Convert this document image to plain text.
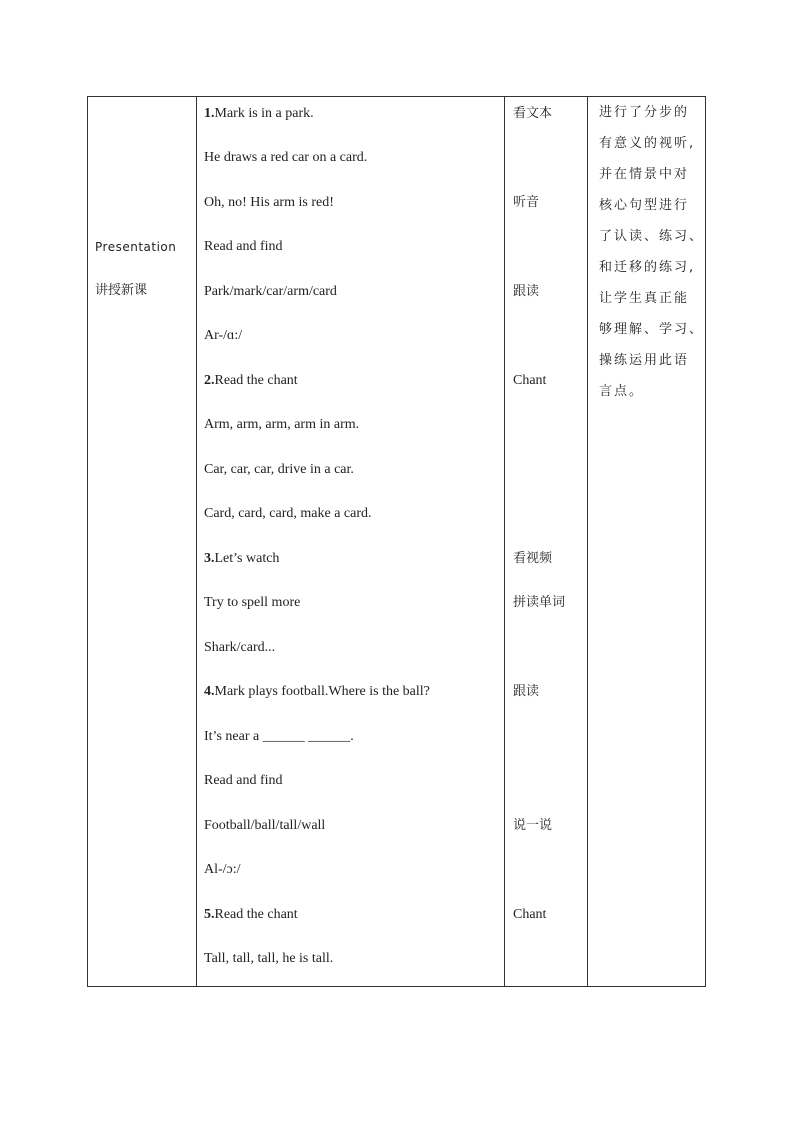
Presentation
讲授新课
1.Mark is in a park.
He draws a red car on a card.
Oh, no! His arm is red!
Read and find
Park/mark/car/arm/card
Ar-/ɑ:/
2.Read the chant
Arm, arm, arm, arm in arm.
Car, car, car, drive in a car.
Card, card, card, make a card.
3.Let’s watch
Try to spell more
Shark/card...
4.Mark plays football.Where is the ball?
It’s near a ______ ______.
Read and find
Football/ball/tall/wall
Al-/ɔ:/
5.Read the chant
Tall, tall, tall, he is tall.
看文本
听音
跟读
Chant
看视频
拼读单词
跟读
说一说
Chant
进行了分步的
有意义的视听,
并在情景中对
核心句型进行
了认读、练习、
和迁移的练习,
让学生真正能
够理解、学习、
操练运用此语
言点。
